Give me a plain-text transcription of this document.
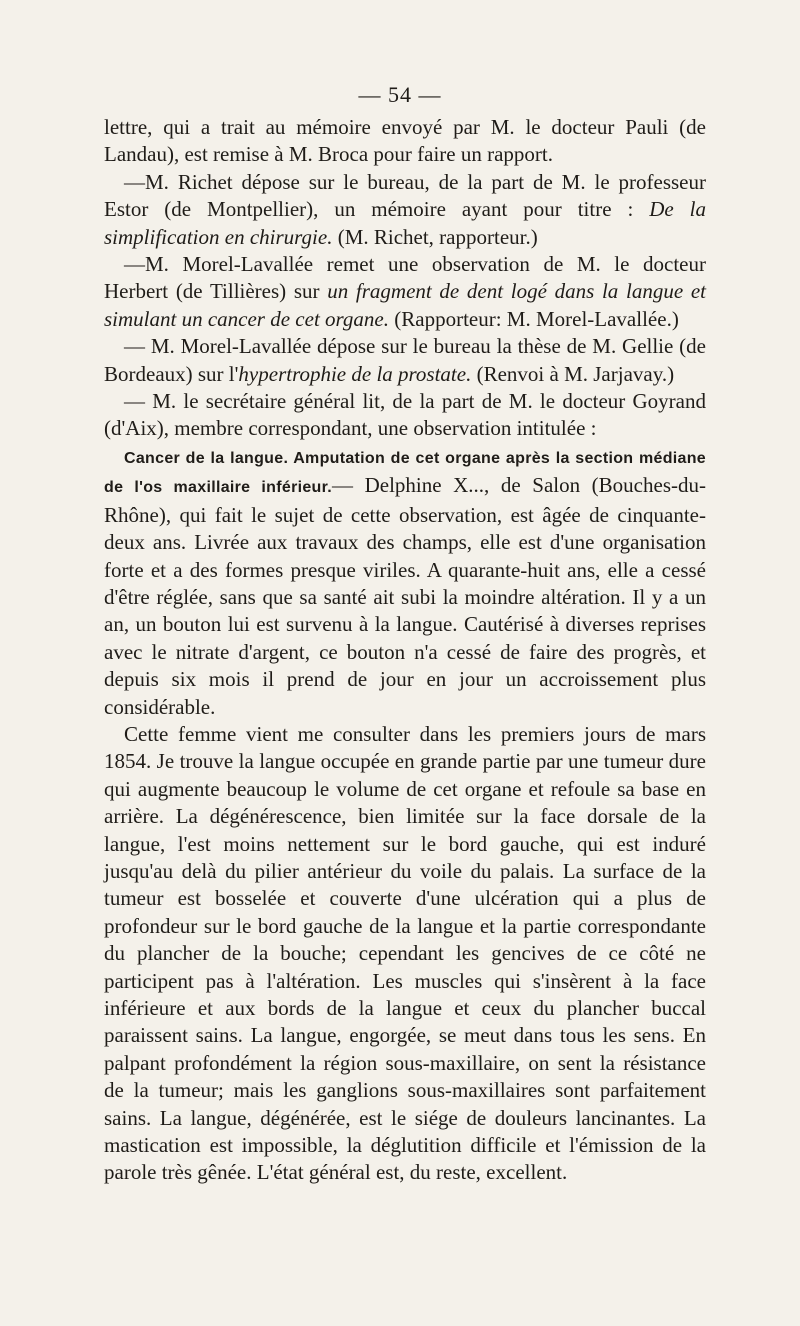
— 54 —

lettre, qui a trait au mémoire envoyé par M. le docteur Pauli (de Landau), est remise à M. Broca pour faire un rapport.

—M. Richet dépose sur le bureau, de la part de M. le professeur Estor (de Montpellier), un mémoire ayant pour titre : De la simplification en chirurgie. (M. Richet, rapporteur.)

—M. Morel-Lavallée remet une observation de M. le docteur Herbert (de Tillières) sur un fragment de dent logé dans la langue et simulant un cancer de cet organe. (Rapporteur: M. Morel-Lavallée.)

— M. Morel-Lavallée dépose sur le bureau la thèse de M. Gellie (de Bordeaux) sur l'hypertrophie de la prostate. (Renvoi à M. Jarjavay.)

— M. le secrétaire général lit, de la part de M. le docteur Goyrand (d'Aix), membre correspondant, une observation intitulée :

Cancer de la langue. Amputation de cet organe après la section médiane de l'os maxillaire inférieur.— Delphine X..., de Salon (Bouches-du-Rhône), qui fait le sujet de cette observation, est âgée de cinquante-deux ans. Livrée aux travaux des champs, elle est d'une organisation forte et a des formes presque viriles. A quarante-huit ans, elle a cessé d'être réglée, sans que sa santé ait subi la moindre altération. Il y a un an, un bouton lui est survenu à la langue. Cautérisé à diverses reprises avec le nitrate d'argent, ce bouton n'a cessé de faire des progrès, et depuis six mois il prend de jour en jour un accroissement plus considérable.

Cette femme vient me consulter dans les premiers jours de mars 1854. Je trouve la langue occupée en grande partie par une tumeur dure qui augmente beaucoup le volume de cet organe et refoule sa base en arrière. La dégénérescence, bien limitée sur la face dorsale de la langue, l'est moins nettement sur le bord gauche, qui est induré jusqu'au delà du pilier antérieur du voile du palais. La surface de la tumeur est bosselée et couverte d'une ulcération qui a plus de profondeur sur le bord gauche de la langue et la partie correspondante du plancher de la bouche; cependant les gencives de ce côté ne participent pas à l'altération. Les muscles qui s'insèrent à la face inférieure et aux bords de la langue et ceux du plancher buccal paraissent sains. La langue, engorgée, se meut dans tous les sens. En palpant profondément la région sous-maxillaire, on sent la résistance de la tumeur; mais les ganglions sous-maxillaires sont parfaitement sains. La langue, dégénérée, est le siége de douleurs lancinantes. La mastication est impossible, la déglutition difficile et l'émission de la parole très gênée. L'état général est, du reste, excellent.
